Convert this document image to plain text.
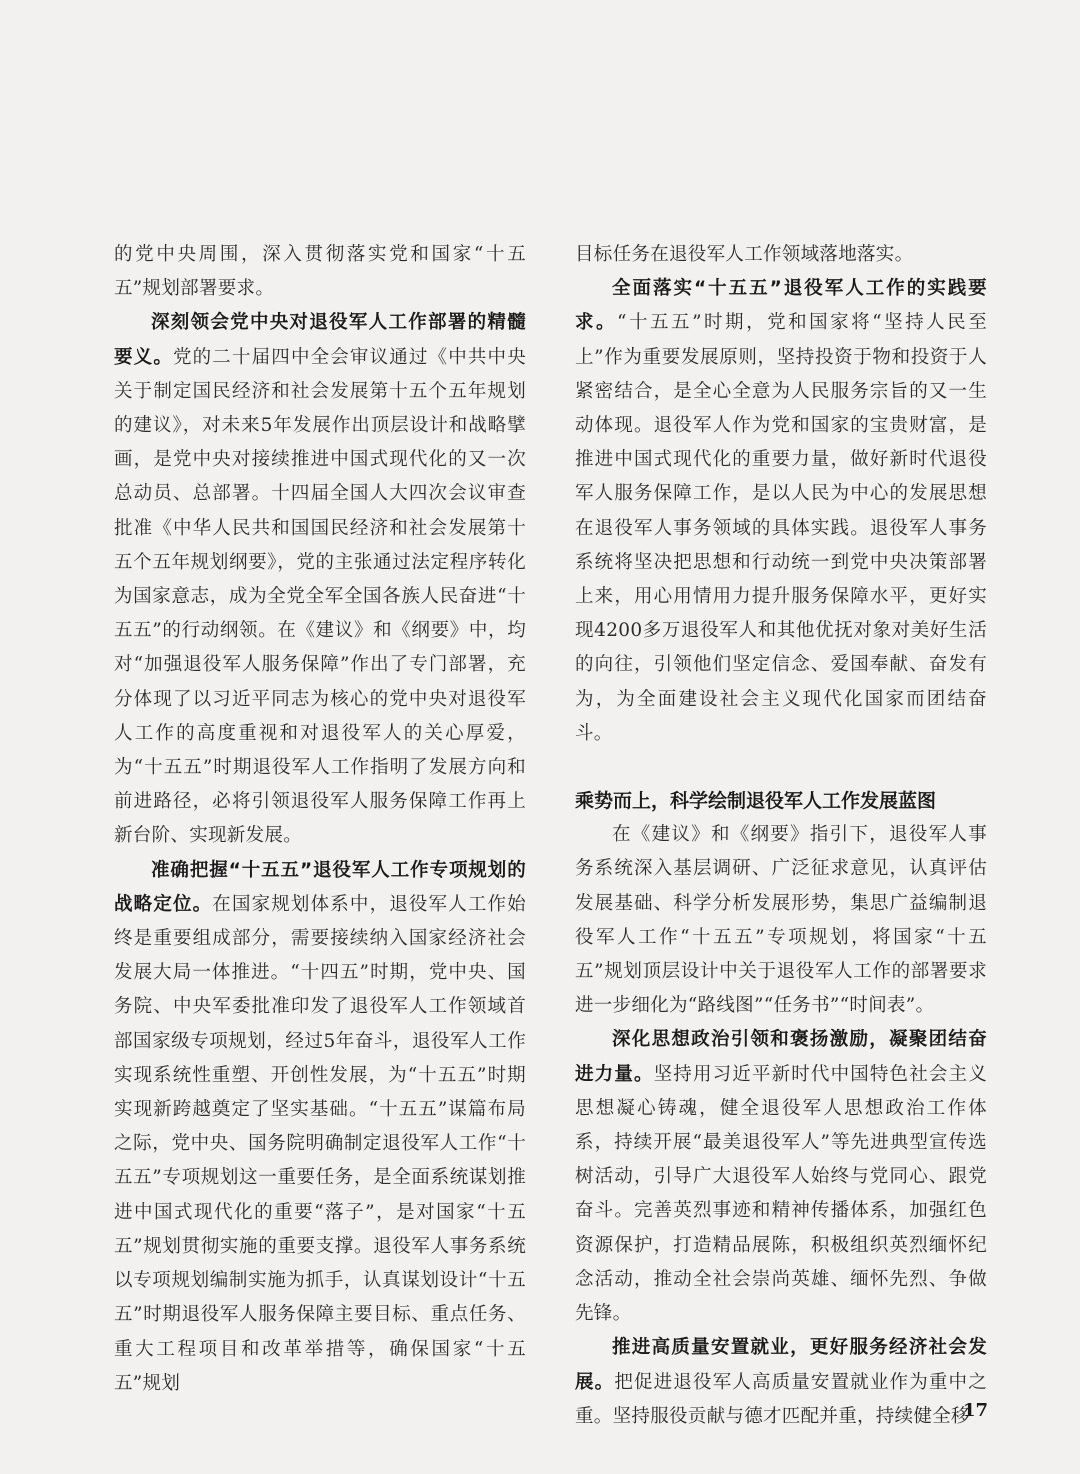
的党中央周围，深入贯彻落实党和国家“十五五”规划部署要求。

深刻领会党中央对退役军人工作部署的精髓要义。党的二十届四中全会审议通过《中共中央关于制定国民经济和社会发展第十五个五年规划的建议》，对未来5年发展作出顶层设计和战略擘画，是党中央对接续推进中国式现代化的又一次总动员、总部署。十四届全国人大四次会议审查批准《中华人民共和国国民经济和社会发展第十五个五年规划纲要》，党的主张通过法定程序转化为国家意志，成为全党全军全国各族人民奋进“十五五”的行动纲领。在《建议》和《纲要》中，均对“加强退役军人服务保障”作出了专门部署，充分体现了以习近平同志为核心的党中央对退役军人工作的高度重视和对退役军人的关心厚爱，为“十五五”时期退役军人工作指明了发展方向和前进路径，必将引领退役军人服务保障工作再上新台阶、实现新发展。

准确把握“十五五”退役军人工作专项规划的战略定位。在国家规划体系中，退役军人工作始终是重要组成部分，需要接续纳入国家经济社会发展大局一体推进。“十四五”时期，党中央、国务院、中央军委批准印发了退役军人工作领域首部国家级专项规划，经过5年奋斗，退役军人工作实现系统性重塑、开创性发展，为“十五五”时期实现新跨越奠定了坚实基础。“十五五”谋篇布局之际，党中央、国务院明确制定退役军人工作“十五五”专项规划这一重要任务，是全面系统谋划推进中国式现代化的重要“落子”，是对国家“十五五”规划贯彻实施的重要支撑。退役军人事务系统以专项规划编制实施为抓手，认真谋划设计“十五五”时期退役军人服务保障主要目标、重点任务、重大工程项目和改革举措等，确保国家“十五五”规划

目标任务在退役军人工作领域落地落实。

全面落实“十五五”退役军人工作的实践要求。“十五五”时期，党和国家将“坚持人民至上”作为重要发展原则，坚持投资于物和投资于人紧密结合，是全心全意为人民服务宗旨的又一生动体现。退役军人作为党和国家的宝贵财富，是推进中国式现代化的重要力量，做好新时代退役军人服务保障工作，是以人民为中心的发展思想在退役军人事务领域的具体实践。退役军人事务系统将坚决把思想和行动统一到党中央决策部署上来，用心用情用力提升服务保障水平，更好实现4200多万退役军人和其他优抚对象对美好生活的向往，引领他们坚定信念、爱国奉献、奋发有为，为全面建设社会主义现代化国家而团结奋斗。

乘势而上，科学绘制退役军人工作发展蓝图

在《建议》和《纲要》指引下，退役军人事务系统深入基层调研、广泛征求意见，认真评估发展基础、科学分析发展形势，集思广益编制退役军人工作“十五五”专项规划，将国家“十五五”规划顶层设计中关于退役军人工作的部署要求进一步细化为“路线图”“任务书”“时间表”。

深化思想政治引领和褒扬激励，凝聚团结奋进力量。坚持用习近平新时代中国特色社会主义思想凝心铸魂，健全退役军人思想政治工作体系，持续开展“最美退役军人”等先进典型宣传选树活动，引导广大退役军人始终与党同心、跟党奋斗。完善英烈事迹和精神传播体系，加强红色资源保护，打造精品展陈，积极组织英烈缅怀纪念活动，推动全社会崇尚英雄、缅怀先烈、争做先锋。

推进高质量安置就业，更好服务经济社会发展。把促进退役军人高质量安置就业作为重中之重。坚持服役贡献与德才匹配并重，持续健全移

17
